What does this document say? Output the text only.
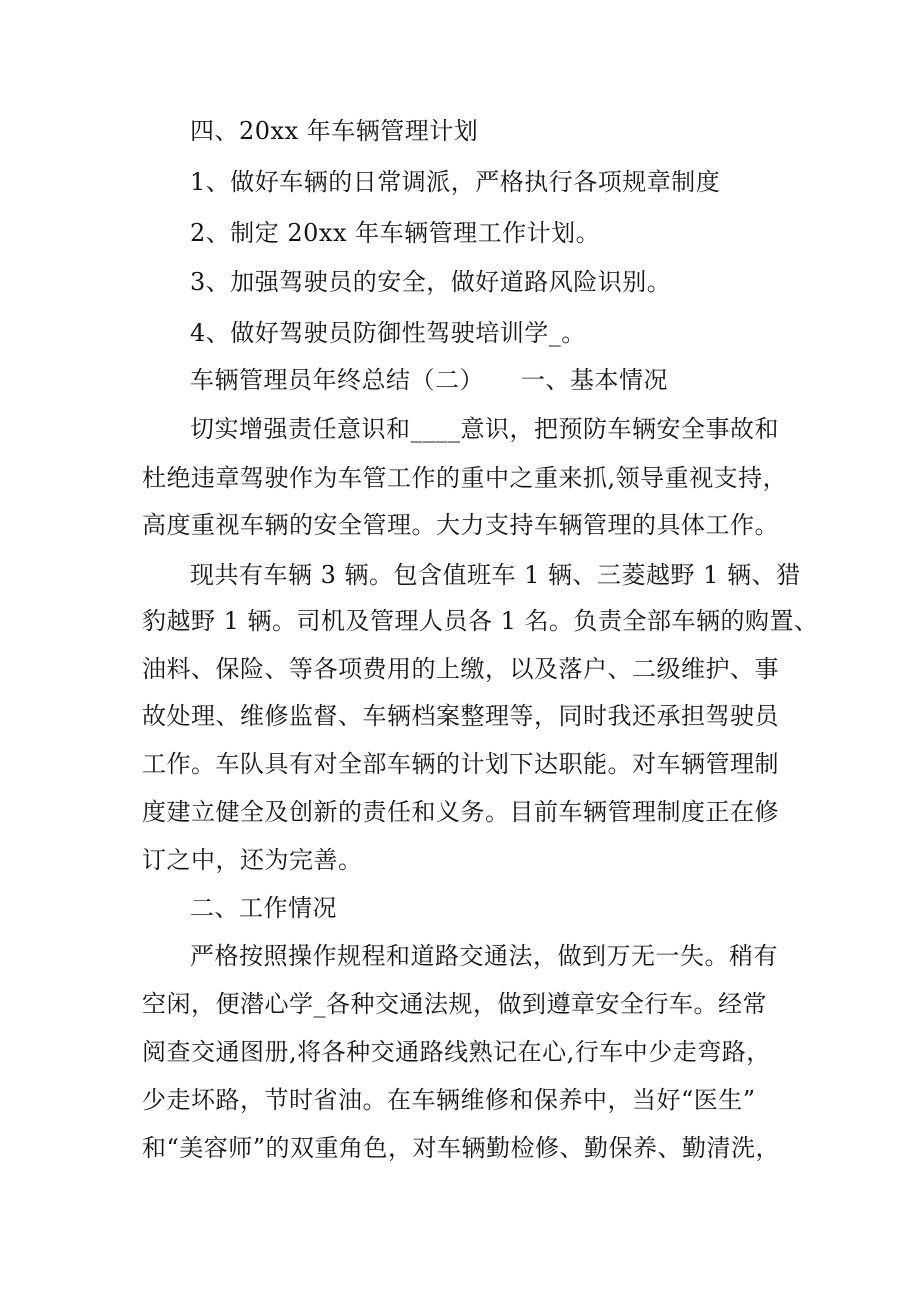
四、20xx 年车辆管理计划
1、做好车辆的日常调派，严格执行各项规章制度
2、制定 20xx 年车辆管理工作计划。
3、加强驾驶员的安全，做好道路风险识别。
4、做好驾驶员防御性驾驶培训学_。
车辆管理员年终总结（二）　　一、基本情况
切实增强责任意识和____意识，把预防车辆安全事故和
杜绝违章驾驶作为车管工作的重中之重来抓,领导重视支持，
高度重视车辆的安全管理。大力支持车辆管理的具体工作。
现共有车辆 3 辆。包含值班车 1 辆、三菱越野 1 辆、猎
豹越野 1 辆。司机及管理人员各 1 名。负责全部车辆的购置、
油料、保险、等各项费用的上缴，以及落户、二级维护、事
故处理、维修监督、车辆档案整理等，同时我还承担驾驶员
工作。车队具有对全部车辆的计划下达职能。对车辆管理制
度建立健全及创新的责任和义务。目前车辆管理制度正在修
订之中，还为完善。
二、工作情况
严格按照操作规程和道路交通法，做到万无一失。稍有
空闲，便潜心学_各种交通法规，做到遵章安全行车。经常
阅查交通图册,将各种交通路线熟记在心,行车中少走弯路，
少走坏路，节时省油。在车辆维修和保养中，当好“医生”
和“美容师”的双重角色，对车辆勤检修、勤保养、勤清洗，
